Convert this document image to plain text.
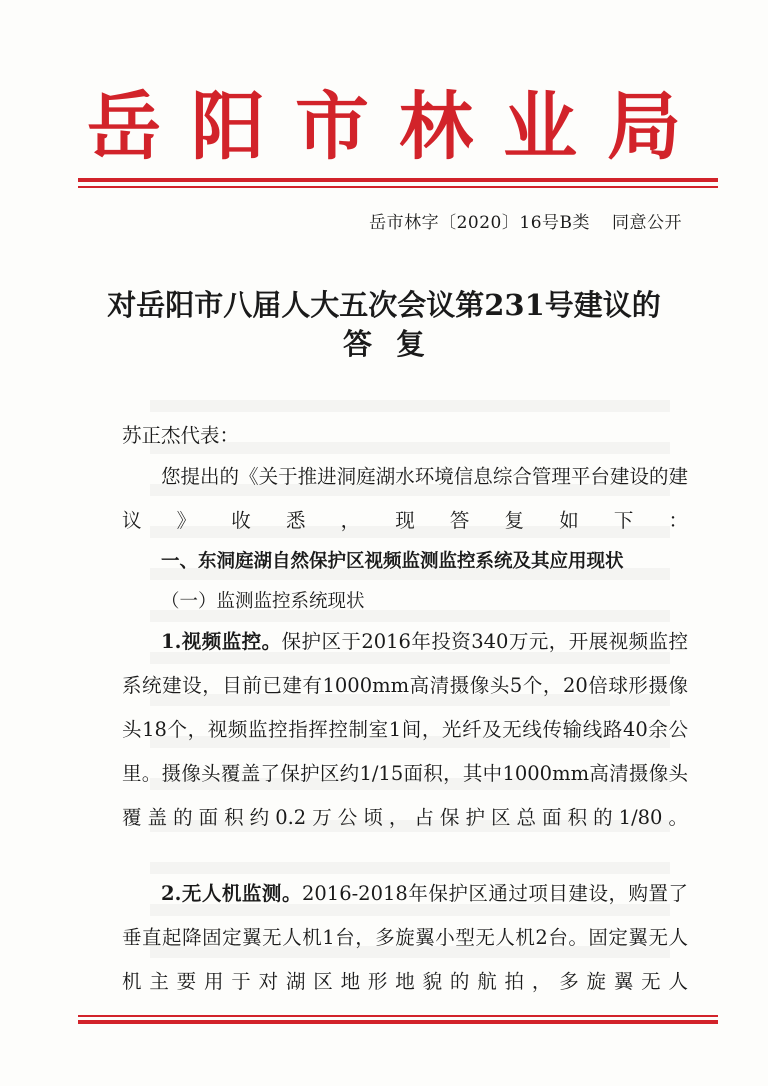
岳阳市林业局
岳市林字〔2020〕16号B类 同意公开
对岳阳市八届人大五次会议第231号建议的
答复
苏正杰代表：
您提出的《关于推进洞庭湖水环境信息综合管理平台建设的建议》收悉，现答复如下：
一、东洞庭湖自然保护区视频监测监控系统及其应用现状
（一）监测监控系统现状
1.视频监控。保护区于2016年投资340万元，开展视频监控系统建设，目前已建有1000mm高清摄像头5个，20倍球形摄像头18个，视频监控指挥控制室1间，光纤及无线传输线路40余公里。摄像头覆盖了保护区约1/15面积，其中1000mm高清摄像头覆盖的面积约0.2万公顷，占保护区总面积的1/80。
2.无人机监测。2016-2018年保护区通过项目建设，购置了垂直起降固定翼无人机1台，多旋翼小型无人机2台。固定翼无人机主要用于对湖区地形地貌的航拍，多旋翼无人
